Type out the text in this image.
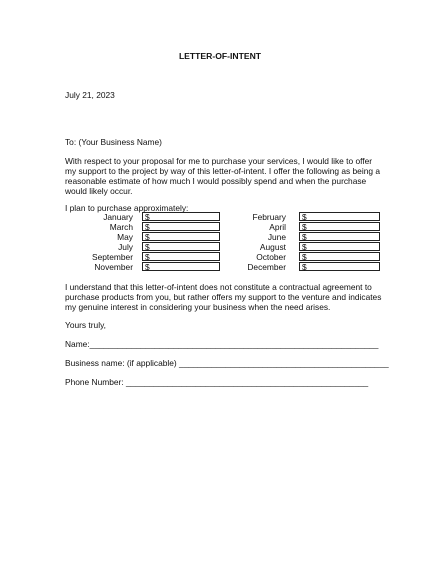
LETTER-OF-INTENT
July 21, 2023
To: (Your Business Name)
With respect to your proposal for me to purchase your services, I would like to offer my support to the project by way of this letter-of-intent. I offer the following as being a reasonable estimate of how much I would possibly spend and when the purchase would likely occur.
I plan to purchase approximately:
January $
March $
May $
July $
September $
November $
February $
April $
June $
August $
October $
December $
I understand that this letter-of-intent does not constitute a contractual agreement to purchase products from you, but rather offers my support to the venture and indicates my genuine interest in considering your business when the need arises.
Yours truly,
Name:______________________________________________________________
Business name: (if applicable) _____________________________________________
Phone Number: ____________________________________________________
